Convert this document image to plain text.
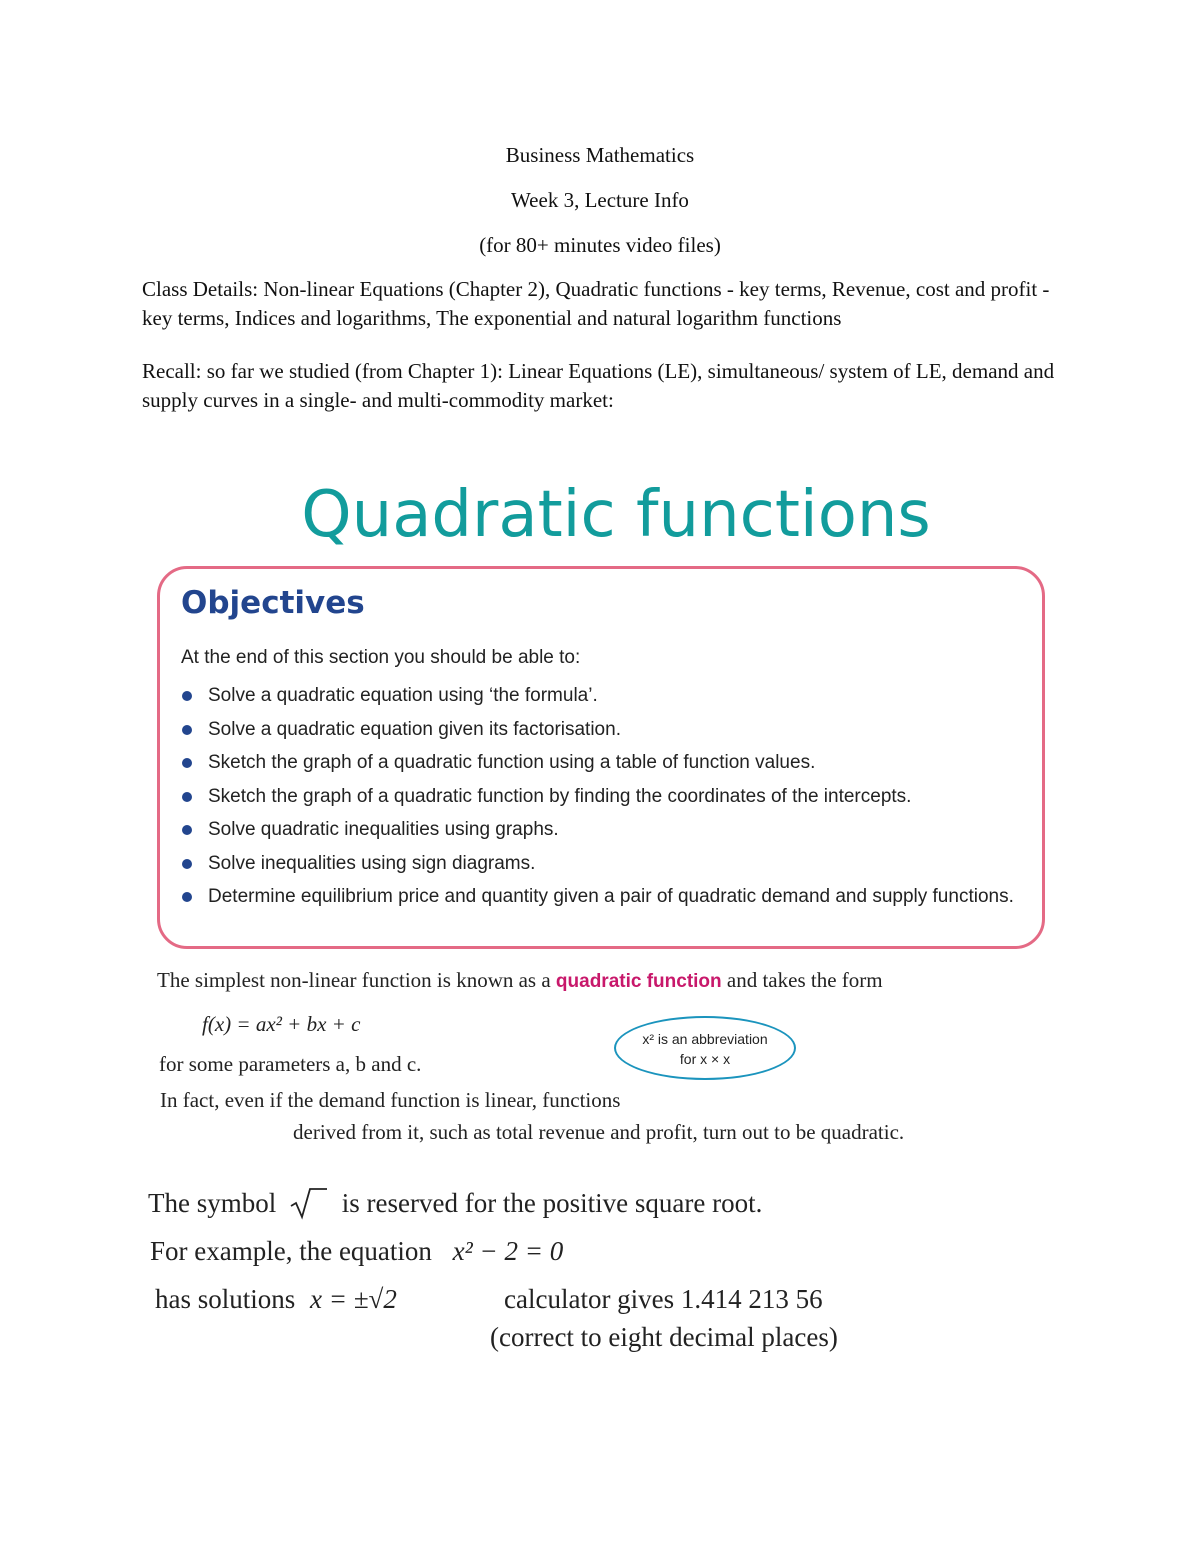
Business Mathematics
Week 3, Lecture Info
(for 80+ minutes video files)
Class Details: Non-linear Equations (Chapter 2), Quadratic functions - key terms, Revenue, cost and profit - key terms, Indices and logarithms, The exponential and natural logarithm functions
Recall: so far we studied (from Chapter 1): Linear Equations (LE), simultaneous/ system of LE, demand and supply curves in a single- and multi-commodity market:
Quadratic functions
Objectives
At the end of this section you should be able to:
Solve a quadratic equation using ‘the formula’.
Solve a quadratic equation given its factorisation.
Sketch the graph of a quadratic function using a table of function values.
Sketch the graph of a quadratic function by finding the coordinates of the intercepts.
Solve quadratic inequalities using graphs.
Solve inequalities using sign diagrams.
Determine equilibrium price and quantity given a pair of quadratic demand and supply functions.
The simplest non-linear function is known as a quadratic function and takes the form
f(x) = ax² + bx + c
for some parameters a, b and c.
In fact, even if the demand function is linear, functions
derived from it, such as total revenue and profit, turn out to be quadratic.
x² is an abbreviation
for x × x
The symbol is reserved for the positive square root.
For example, the equation x² − 2 = 0
has solutions x = ±√2	calculator gives 1.414 213 56
(correct to eight decimal places)
